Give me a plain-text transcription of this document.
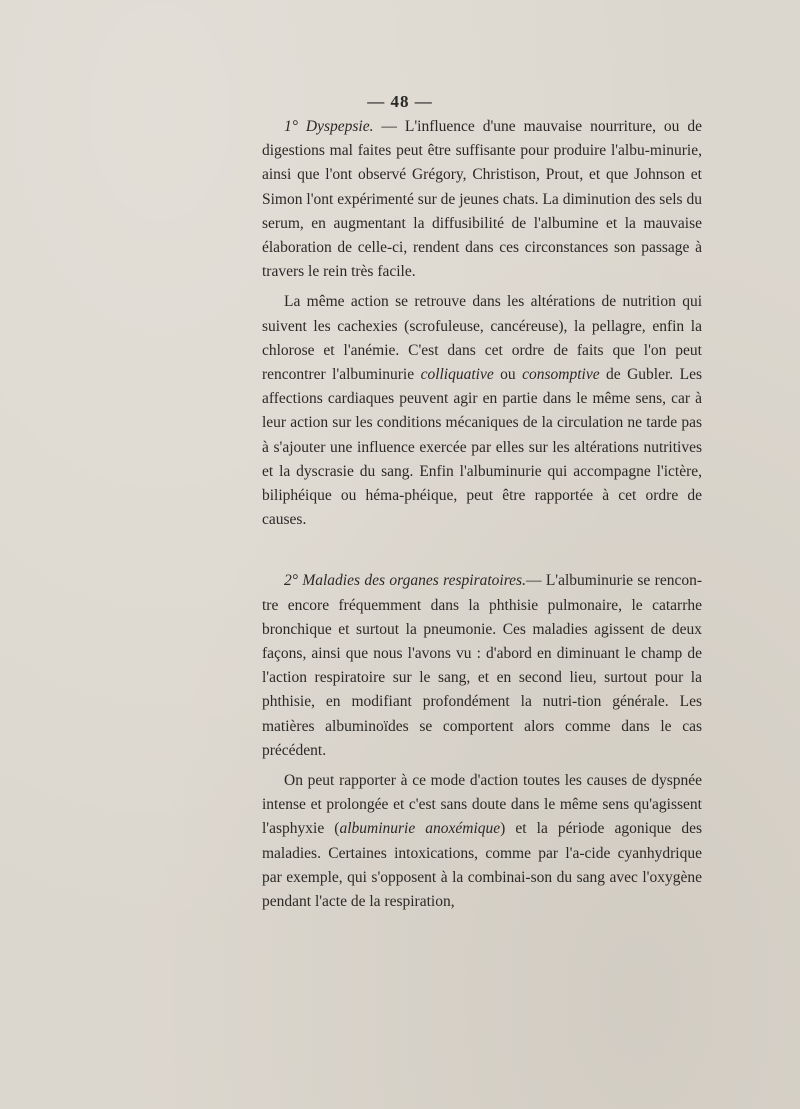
— 48 —

1° Dyspepsie. — L'influence d'une mauvaise nourriture, ou de digestions mal faites peut être suffisante pour produire l'albu-minurie, ainsi que l'ont observé Grégory, Christison, Prout, et que Johnson et Simon l'ont expérimenté sur de jeunes chats. La diminution des sels du serum, en augmentant la diffusibilité de l'albumine et la mauvaise élaboration de celle-ci, rendent dans ces circonstances son passage à travers le rein très facile.

La même action se retrouve dans les altérations de nutrition qui suivent les cachexies (scrofuleuse, cancéreuse), la pellagre, enfin la chlorose et l'anémie. C'est dans cet ordre de faits que l'on peut rencontrer l'albuminurie colliquative ou consomptive de Gubler. Les affections cardiaques peuvent agir en partie dans le même sens, car à leur action sur les conditions mécaniques de la circulation ne tarde pas à s'ajouter une influence exercée par elles sur les altérations nutritives et la dyscrasie du sang. Enfin l'albuminurie qui accompagne l'ictère, biliphéique ou héma-phéique, peut être rapportée à cet ordre de causes.

2° Maladies des organes respiratoires.— L'albuminurie se rencon-tre encore fréquemment dans la phthisie pulmonaire, le catarrhe bronchique et surtout la pneumonie. Ces maladies agissent de deux façons, ainsi que nous l'avons vu : d'abord en diminuant le champ de l'action respiratoire sur le sang, et en second lieu, surtout pour la phthisie, en modifiant profondément la nutri-tion générale. Les matières albuminoïdes se comportent alors comme dans le cas précédent.

On peut rapporter à ce mode d'action toutes les causes de dyspnée intense et prolongée et c'est sans doute dans le même sens qu'agissent l'asphyxie (albuminurie anoxémique) et la période agonique des maladies. Certaines intoxications, comme par l'a-cide cyanhydrique par exemple, qui s'opposent à la combinai-son du sang avec l'oxygène pendant l'acte de la respiration,
